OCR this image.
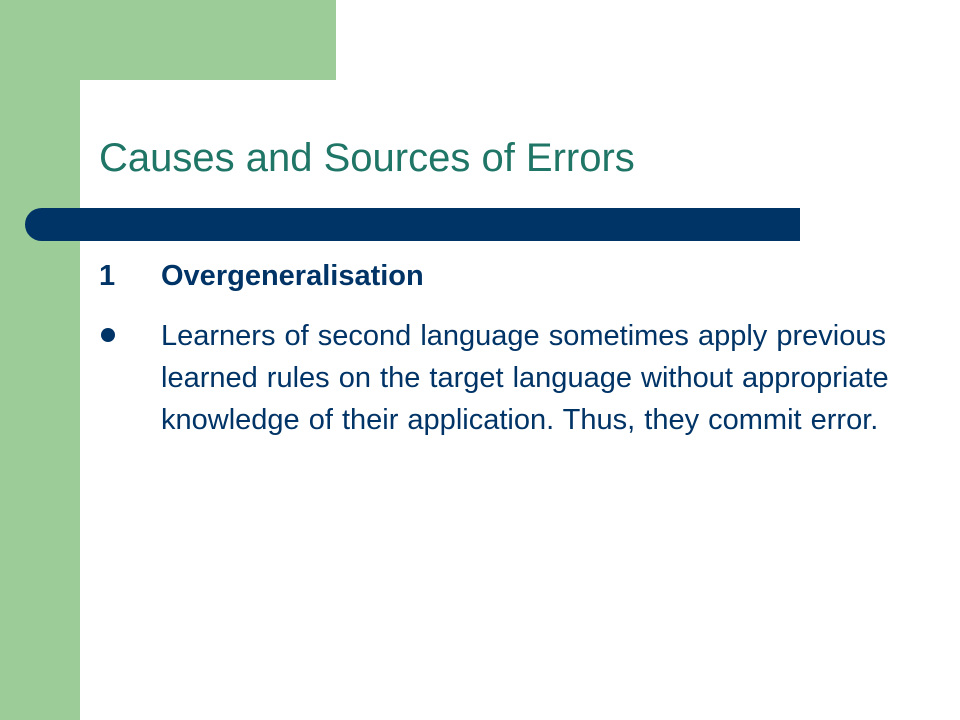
Causes and Sources of Errors
1 Overgeneralisation

Learners of second language sometimes apply previous learned rules on the target language without appropriate knowledge of their application. Thus, they commit error.
